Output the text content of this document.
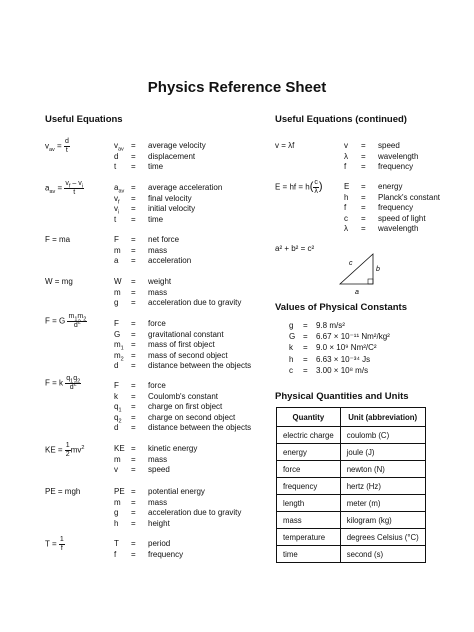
Physics Reference Sheet
Useful Equations
$v_{av} = \frac{d}{t}$	$v_{av}$ =	average velocity
d	=	displacement
t	=	time
$a_{av} = \frac{v_f - v_i}{t}$	$a_{av}$ =	average acceleration
$v_f$	=	final velocity
$v_i$	=	initial velocity
t	=	time
F = ma	F	=	net force
m	=	mass
a	=	acceleration
W = mg	W	=	weight
m	=	mass
g	=	acceleration due to gravity
F = G $\frac{m_1m_2}{d^2}$	F	=	force
G	=	gravitational constant
$m_1$ =	mass of first object
$m_2$ =	mass of second object
d	=	distance between the objects
F = k $\frac{q_1q_2}{d^2}$	F	=	force
k	=	Coulomb's constant
$q_1$	=	charge on first object
$q_2$	=	charge on second object
d	=	distance between the objects
KE = $\frac{1}{2} mv^2$	KE =	kinetic energy
m	=	mass
v	=	speed
PE = mgh	PE =	potential energy
m	=	mass
g	=	acceleration due to gravity
h	=	height
$T = \frac{1}{f}$	T	=	period
f	=	frequency
Useful Equations (continued)
v = λf	v	=	speed
λ	=	wavelength
f	=	frequency
E = hf = $h( \frac{c}{\lambda}$ )	E	=	energy
h	=	Planck's constant
f	=	frequency
c	=	speed of light
λ	=	wavelength
a² + b² = c²
c
b
a
Values of Physical Constants
g	=	9.8 m/s²
G =	6.67 × 10⁻¹¹ Nm²/kg²
k	=	9.0 × 10⁹ Nm²/C²
h	=	6.63 × 10⁻³⁴ Js
c	=	3.00 × 10⁸ m/s
Physical Quantities and Units
Quantity	Unit (abbreviation)
electric charge	coulomb (C)
energy	joule (J)
force	newton (N)
frequency	hertz (Hz)
length	meter (m)
mass	kilogram (kg)
temperature	degrees Celsius (°C)
time	second (s)
